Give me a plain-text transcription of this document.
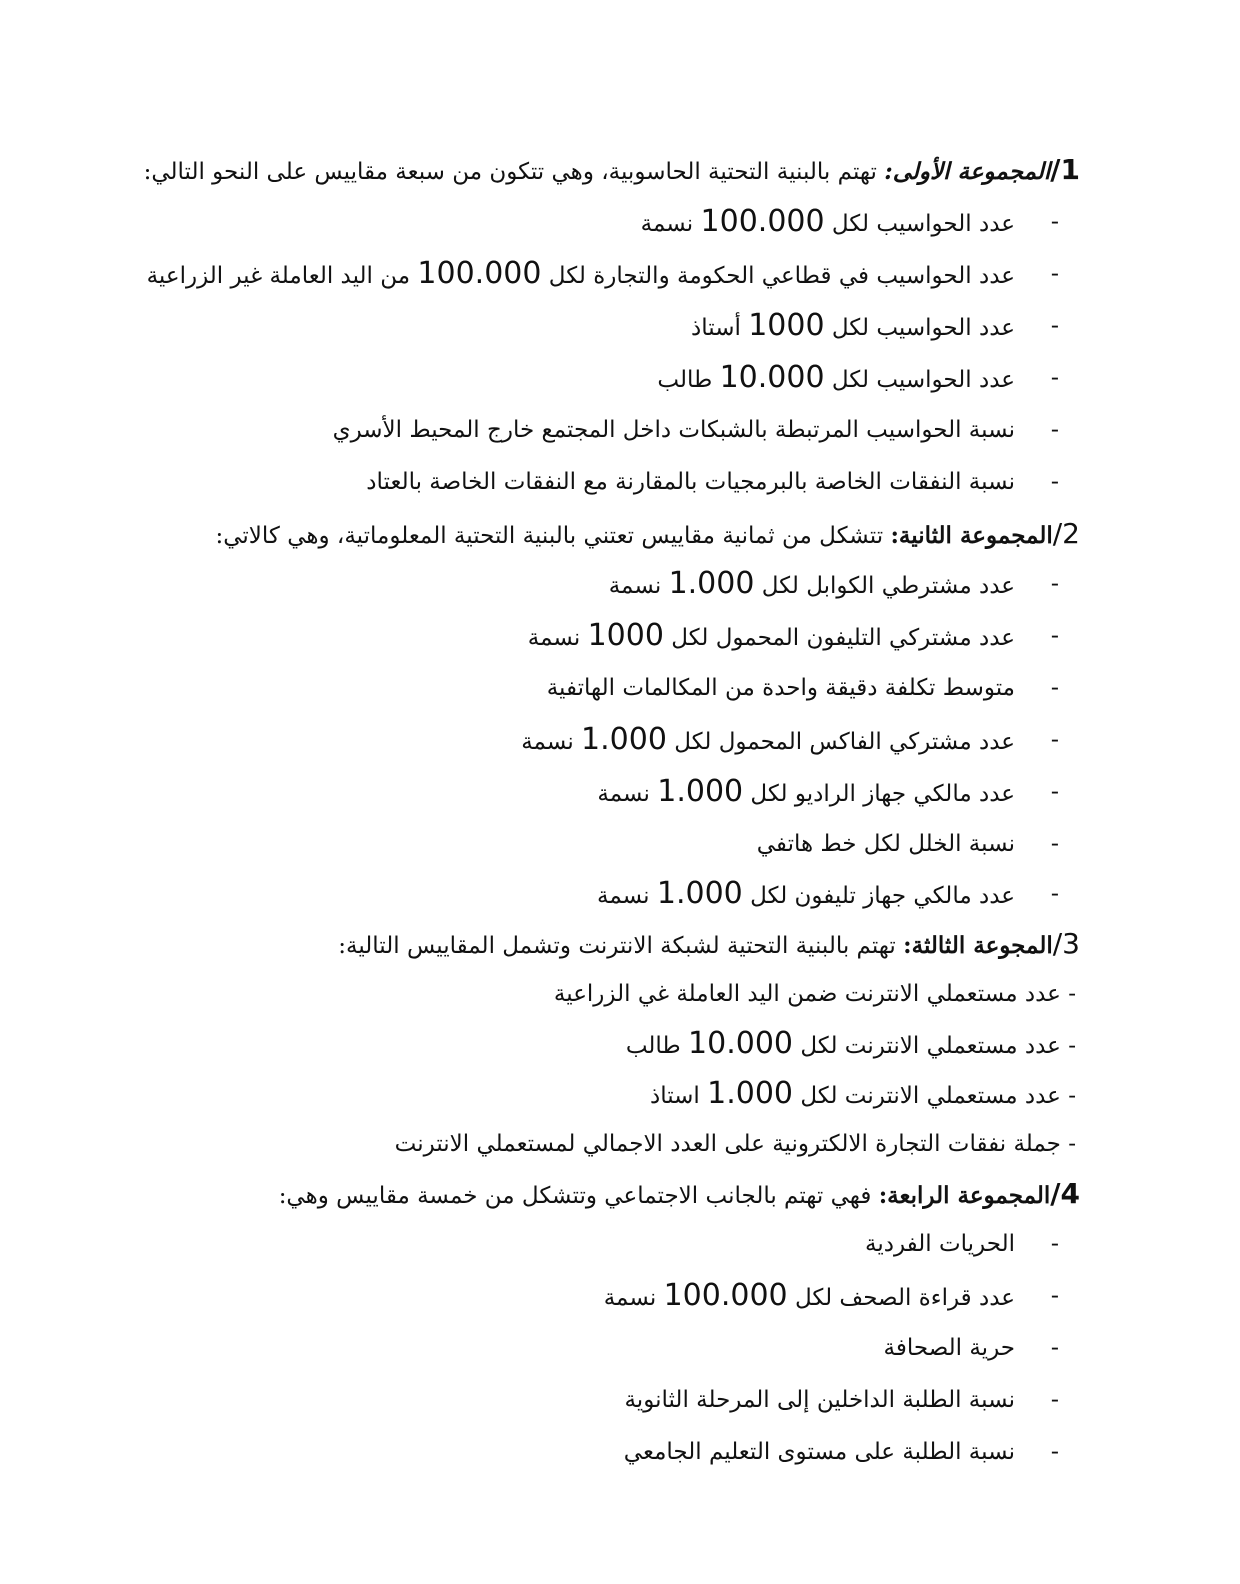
1/المجموعة الأولى: تهتم بالبنية التحتية الحاسوبية، وهي تتكون من سبعة مقاييس على النحو التالي:
-
عدد الحواسيب لكل 100.000 نسمة
-
عدد الحواسيب في قطاعي الحكومة والتجارة لكل 100.000 من اليد العاملة غير الزراعية
-
عدد الحواسيب لكل 1000 أستاذ
-
عدد الحواسيب لكل 10.000 طالب
-
نسبة الحواسيب المرتبطة بالشبكات داخل المجتمع خارج المحيط الأسري
-
نسبة النفقات الخاصة بالبرمجيات بالمقارنة مع النفقات الخاصة بالعتاد
2/المجموعة الثانية: تتشكل من ثمانية مقاييس تعتني بالبنية التحتية المعلوماتية، وهي كالاتي:
-
عدد مشترطي الكوابل لكل 1.000 نسمة
-
عدد مشتركي التليفون المحمول لكل 1000 نسمة
-
متوسط تكلفة دقيقة واحدة من المكالمات الهاتفية
-
عدد مشتركي الفاكس المحمول لكل 1.000 نسمة
-
عدد مالكي جهاز الراديو لكل 1.000 نسمة
-
نسبة الخلل لكل خط هاتفي
-
عدد مالكي جهاز تليفون لكل 1.000 نسمة
3/المجوعة الثالثة: تهتم بالبنية التحتية لشبكة الانترنت وتشمل المقاييس التالية:
- عدد مستعملي الانترنت ضمن اليد العاملة غي الزراعية
- عدد مستعملي الانترنت لكل 10.000 طالب
- عدد مستعملي الانترنت لكل 1.000 استاذ
- جملة نفقات التجارة الالكترونية على العدد الاجمالي لمستعملي الانترنت
4/المجموعة الرابعة: فهي تهتم بالجانب الاجتماعي وتتشكل من خمسة مقاييس وهي:
-
الحريات الفردية
-
عدد قراءة الصحف لكل 100.000 نسمة
-
حرية الصحافة
-
نسبة الطلبة الداخلين إلى المرحلة الثانوية
-
نسبة الطلبة على مستوى التعليم الجامعي
